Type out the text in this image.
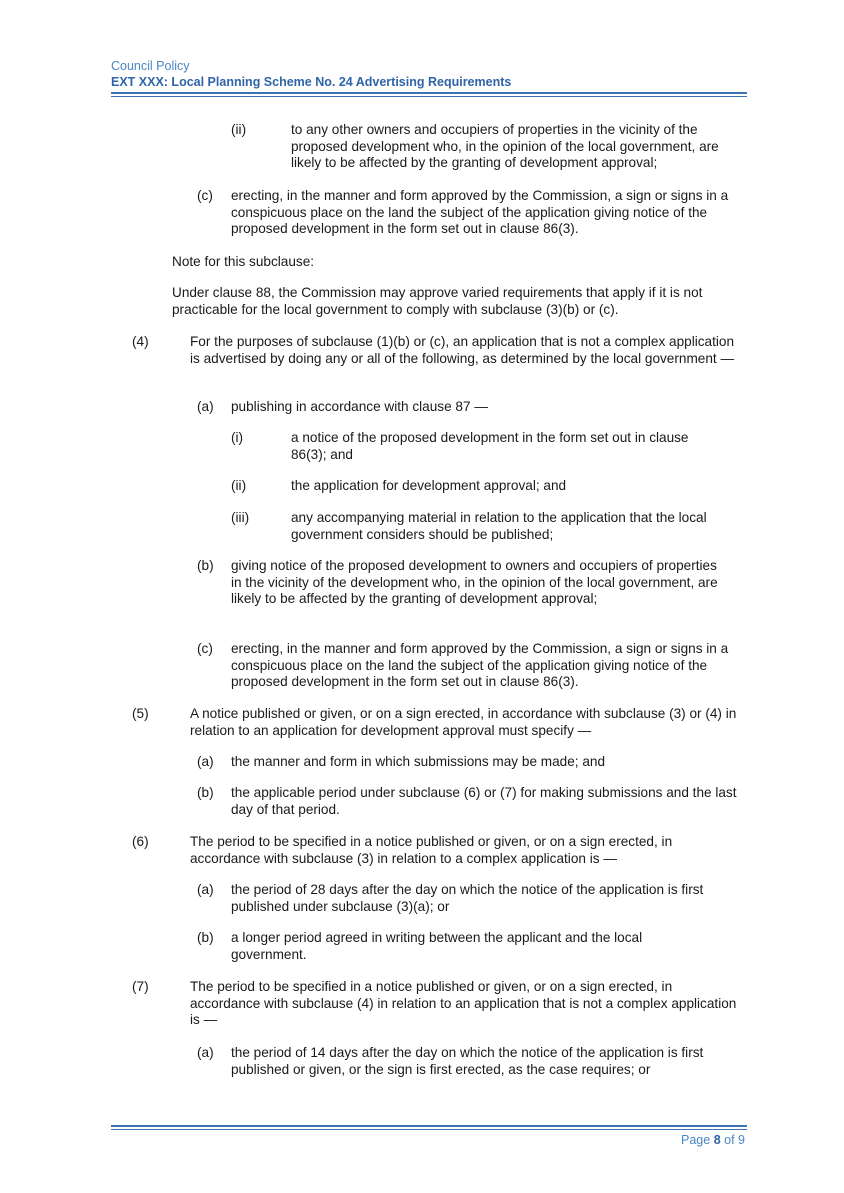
Council Policy
EXT XXX: Local Planning Scheme No. 24 Advertising Requirements
(ii)	to any other owners and occupiers of properties in the vicinity of the proposed development who, in the opinion of the local government, are likely to be affected by the granting of development approval;
(c) erecting, in the manner and form approved by the Commission, a sign or signs in a conspicuous place on the land the subject of the application giving notice of the proposed development in the form set out in clause 86(3).
Note for this subclause:
Under clause 88, the Commission may approve varied requirements that apply if it is not practicable for the local government to comply with subclause (3)(b) or (c).
(4)	For the purposes of subclause (1)(b) or (c), an application that is not a complex application is advertised by doing any or all of the following, as determined by the local government —
(a) publishing in accordance with clause 87 —
(i)	a notice of the proposed development in the form set out in clause 86(3); and
(ii)	the application for development approval; and
(iii)	any accompanying material in relation to the application that the local government considers should be published;
(b) giving notice of the proposed development to owners and occupiers of properties in the vicinity of the development who, in the opinion of the local government, are likely to be affected by the granting of development approval;
(c) erecting, in the manner and form approved by the Commission, a sign or signs in a conspicuous place on the land the subject of the application giving notice of the proposed development in the form set out in clause 86(3).
(5)	A notice published or given, or on a sign erected, in accordance with subclause (3) or (4) in relation to an application for development approval must specify —
(a) the manner and form in which submissions may be made; and
(b) the applicable period under subclause (6) or (7) for making submissions and the last day of that period.
(6)	The period to be specified in a notice published or given, or on a sign erected, in accordance with subclause (3) in relation to a complex application is —
(a) the period of 28 days after the day on which the notice of the application is first published under subclause (3)(a); or
(b) a longer period agreed in writing between the applicant and the local government.
(7)	The period to be specified in a notice published or given, or on a sign erected, in accordance with subclause (4) in relation to an application that is not a complex application is —
(a) the period of 14 days after the day on which the notice of the application is first published or given, or the sign is first erected, as the case requires; or
Page 8 of 9
